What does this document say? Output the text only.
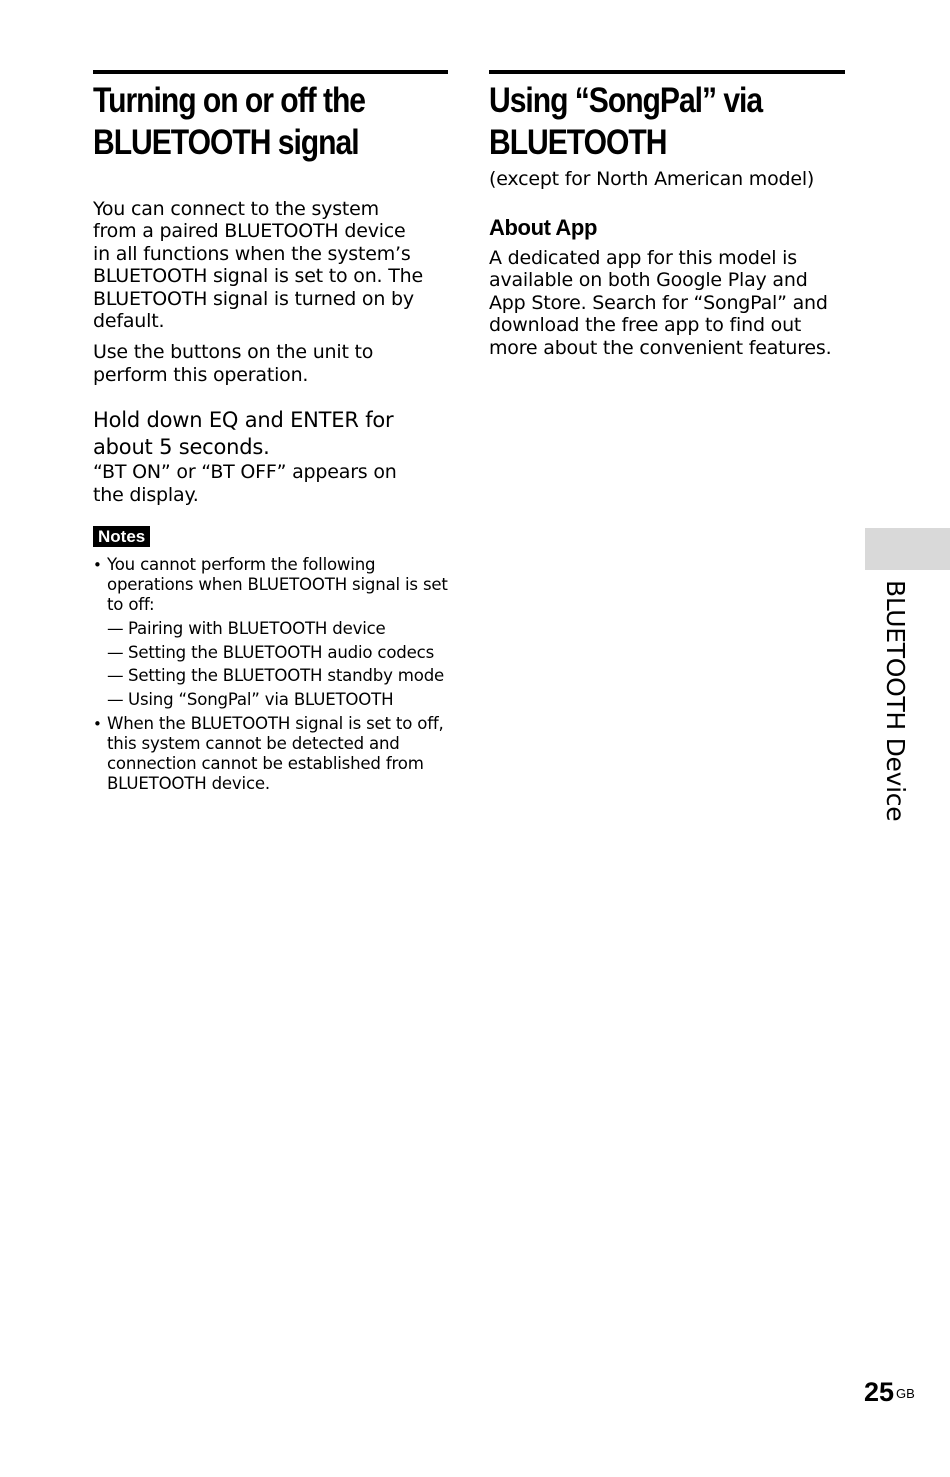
Turning on or off the
BLUETOOTH signal

You can connect to the system from a paired BLUETOOTH device in all functions when the system’s BLUETOOTH signal is set to on. The BLUETOOTH signal is turned on by default.

Use the buttons on the unit to perform this operation.

Hold down EQ and ENTER for
about 5 seconds.

“BT ON” or “BT OFF” appears on the display.

Notes
• You cannot perform the following operations when BLUETOOTH signal is set to off:
— Pairing with BLUETOOTH device
— Setting the BLUETOOTH audio codecs
— Setting the BLUETOOTH standby mode
— Using “SongPal” via BLUETOOTH
• When the BLUETOOTH signal is set to off, this system cannot be detected and connection cannot be established from BLUETOOTH device.
Using “SongPal” via
BLUETOOTH

(except for North American model)

About App

A dedicated app for this model is available on both Google Play and App Store. Search for “SongPal” and download the free app to find out more about the convenient features.

BLUETOOTH Device
25 $^{GB}$
